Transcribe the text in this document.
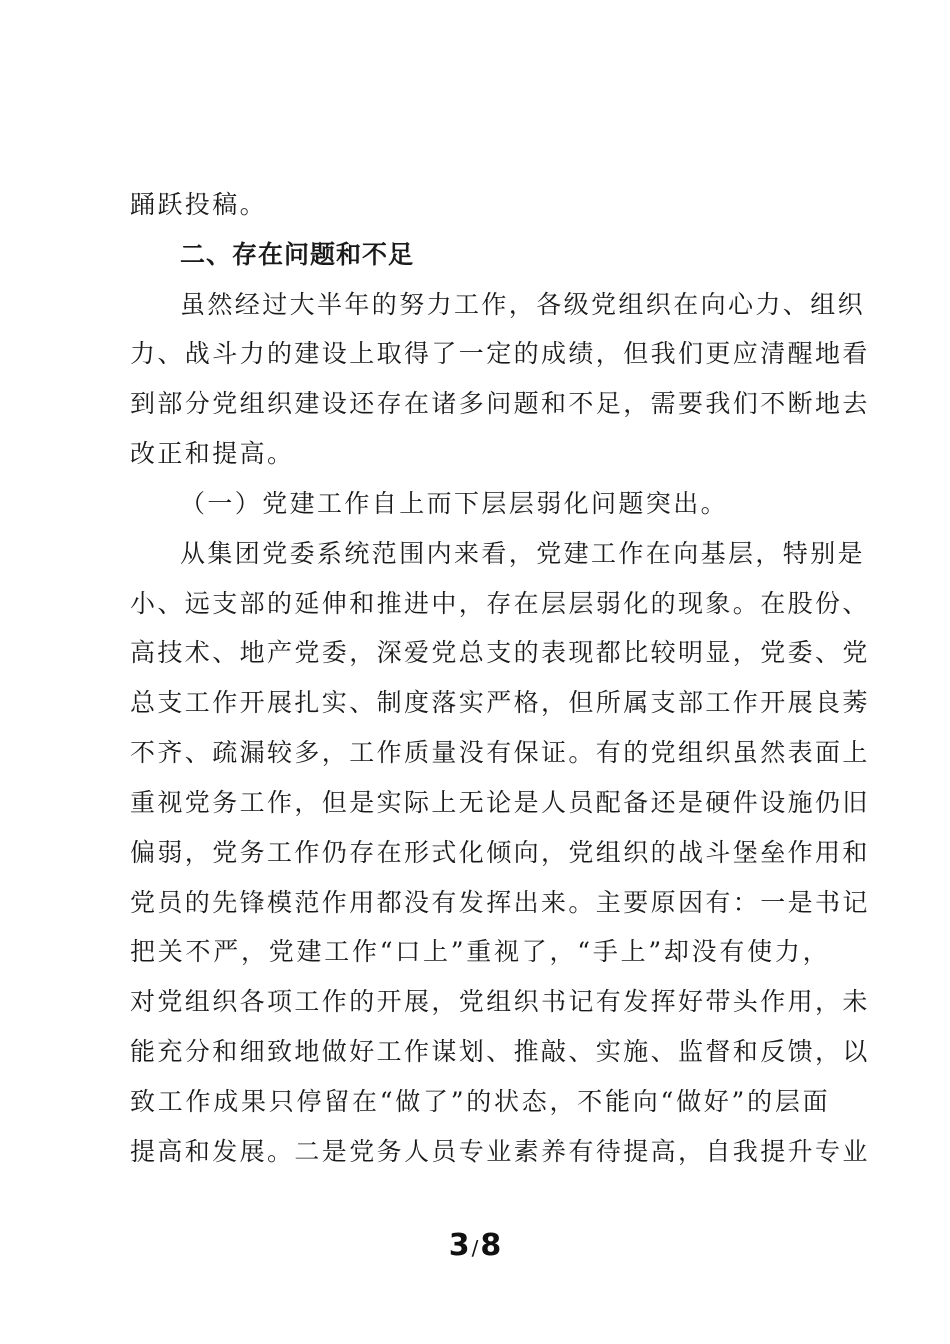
踊跃投稿。
二、存在问题和不足
虽然经过大半年的努力工作，各级党组织在向心力、组织
力、战斗力的建设上取得了一定的成绩，但我们更应清醒地看
到部分党组织建设还存在诸多问题和不足，需要我们不断地去
改正和提高。
（一）党建工作自上而下层层弱化问题突出。
从集团党委系统范围内来看，党建工作在向基层，特别是
小、远支部的延伸和推进中，存在层层弱化的现象。在股份、
高技术、地产党委，深爱党总支的表现都比较明显，党委、党
总支工作开展扎实、制度落实严格，但所属支部工作开展良莠
不齐、疏漏较多，工作质量没有保证。有的党组织虽然表面上
重视党务工作，但是实际上无论是人员配备还是硬件设施仍旧
偏弱，党务工作仍存在形式化倾向，党组织的战斗堡垒作用和
党员的先锋模范作用都没有发挥出来。主要原因有：一是书记
把关不严，党建工作“口上”重视了，“手上”却没有使力，
对党组织各项工作的开展，党组织书记有发挥好带头作用，未
能充分和细致地做好工作谋划、推敲、实施、监督和反馈，以
致工作成果只停留在“做了”的状态，不能向“做好”的层面
提高和发展。二是党务人员专业素养有待提高，自我提升专业
3 /8
